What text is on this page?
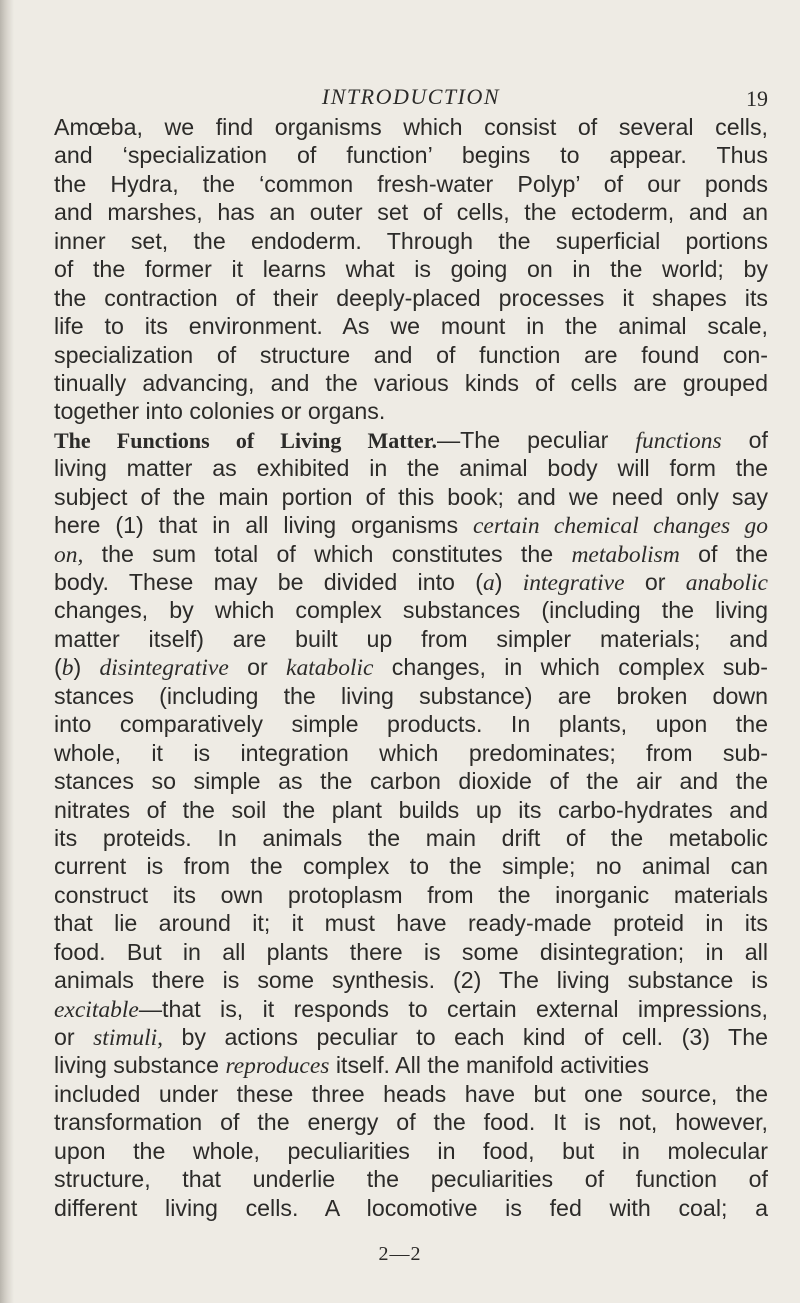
INTRODUCTION	19
Amœba, we find organisms which consist of several cells,
and ‘specialization of function’ begins to appear. Thus
the Hydra, the ‘common fresh-water Polyp’ of our ponds
and marshes, has an outer set of cells, the ectoderm, and an
inner set, the endoderm. Through the superficial portions
of the former it learns what is going on in the world; by
the contraction of their deeply-placed processes it shapes its
life to its environment. As we mount in the animal scale,
specialization of structure and of function are found con-
tinually advancing, and the various kinds of cells are grouped
together into colonies or organs.
The Functions of Living Matter.—The peculiar functions of
living matter as exhibited in the animal body will form the
subject of the main portion of this book; and we need only say
here (1) that in all living organisms certain chemical changes go
on, the sum total of which constitutes the metabolism of the
body. These may be divided into (a) integrative or anabolic
changes, by which complex substances (including the living
matter itself) are built up from simpler materials; and
(b) disintegrative or katabolic changes, in which complex sub-
stances (including the living substance) are broken down
into comparatively simple products. In plants, upon the
whole, it is integration which predominates; from sub-
stances so simple as the carbon dioxide of the air and the
nitrates of the soil the plant builds up its carbo-hydrates and
its proteids. In animals the main drift of the metabolic
current is from the complex to the simple; no animal can
construct its own protoplasm from the inorganic materials
that lie around it; it must have ready-made proteid in its
food. But in all plants there is some disintegration; in all
animals there is some synthesis. (2) The living substance is
excitable—that is, it responds to certain external impressions,
or stimuli, by actions peculiar to each kind of cell. (3) The
living substance reproduces itself. All the manifold activities
included under these three heads have but one source, the
transformation of the energy of the food. It is not, however,
upon the whole, peculiarities in food, but in molecular
structure, that underlie the peculiarities of function of
different living cells. A locomotive is fed with coal; a
2—2
